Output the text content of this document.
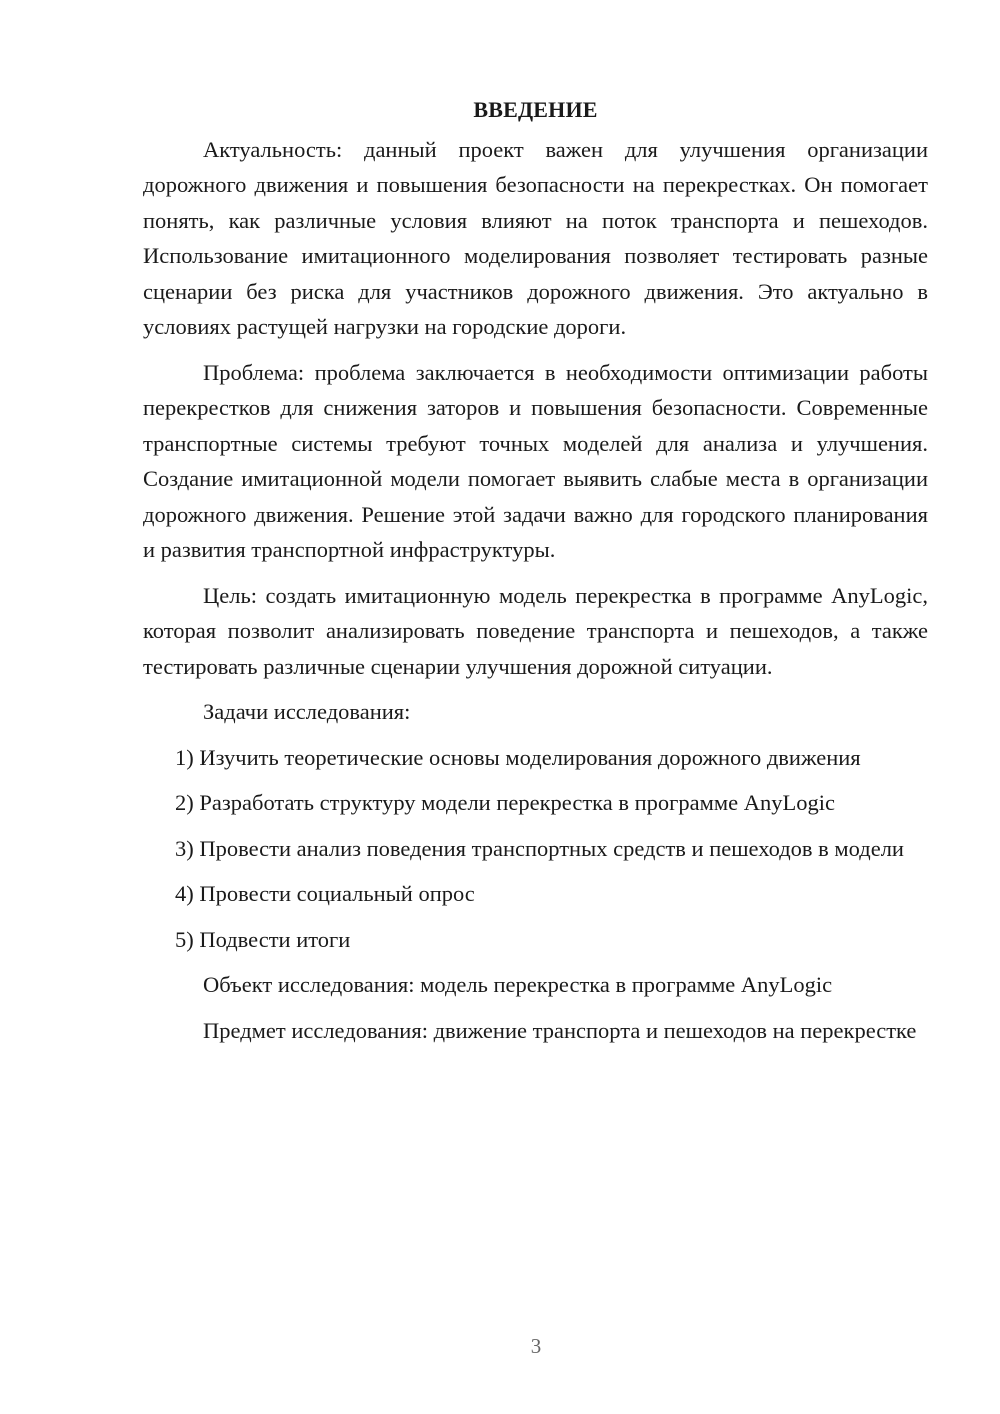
ВВЕДЕНИЕ

Актуальность: данный проект важен для улучшения организации дорожного движения и повышения безопасности на перекрестках. Он помогает понять, как различные условия влияют на поток транспорта и пешеходов. Использование имитационного моделирования позволяет тестировать разные сценарии без риска для участников дорожного движения. Это актуально в условиях растущей нагрузки на городские дороги.

Проблема: проблема заключается в необходимости оптимизации работы перекрестков для снижения заторов и повышения безопасности. Современные транспортные системы требуют точных моделей для анализа и улучшения. Создание имитационной модели помогает выявить слабые места в организации дорожного движения. Решение этой задачи важно для городского планирования и развития транспортной инфраструктуры.

Цель: создать имитационную модель перекрестка в программе AnyLogic, которая позволит анализировать поведение транспорта и пешеходов, а также тестировать различные сценарии улучшения дорожной ситуации.

Задачи исследования:

1) Изучить теоретические основы моделирования дорожного движения

2) Разработать структуру модели перекрестка в программе AnyLogic

3) Провести анализ поведения транспортных средств и пешеходов в модели

4) Провести социальный опрос

5) Подвести итоги

Объект исследования: модель перекрестка в программе AnyLogic

Предмет исследования: движение транспорта и пешеходов на перекрестке

3
